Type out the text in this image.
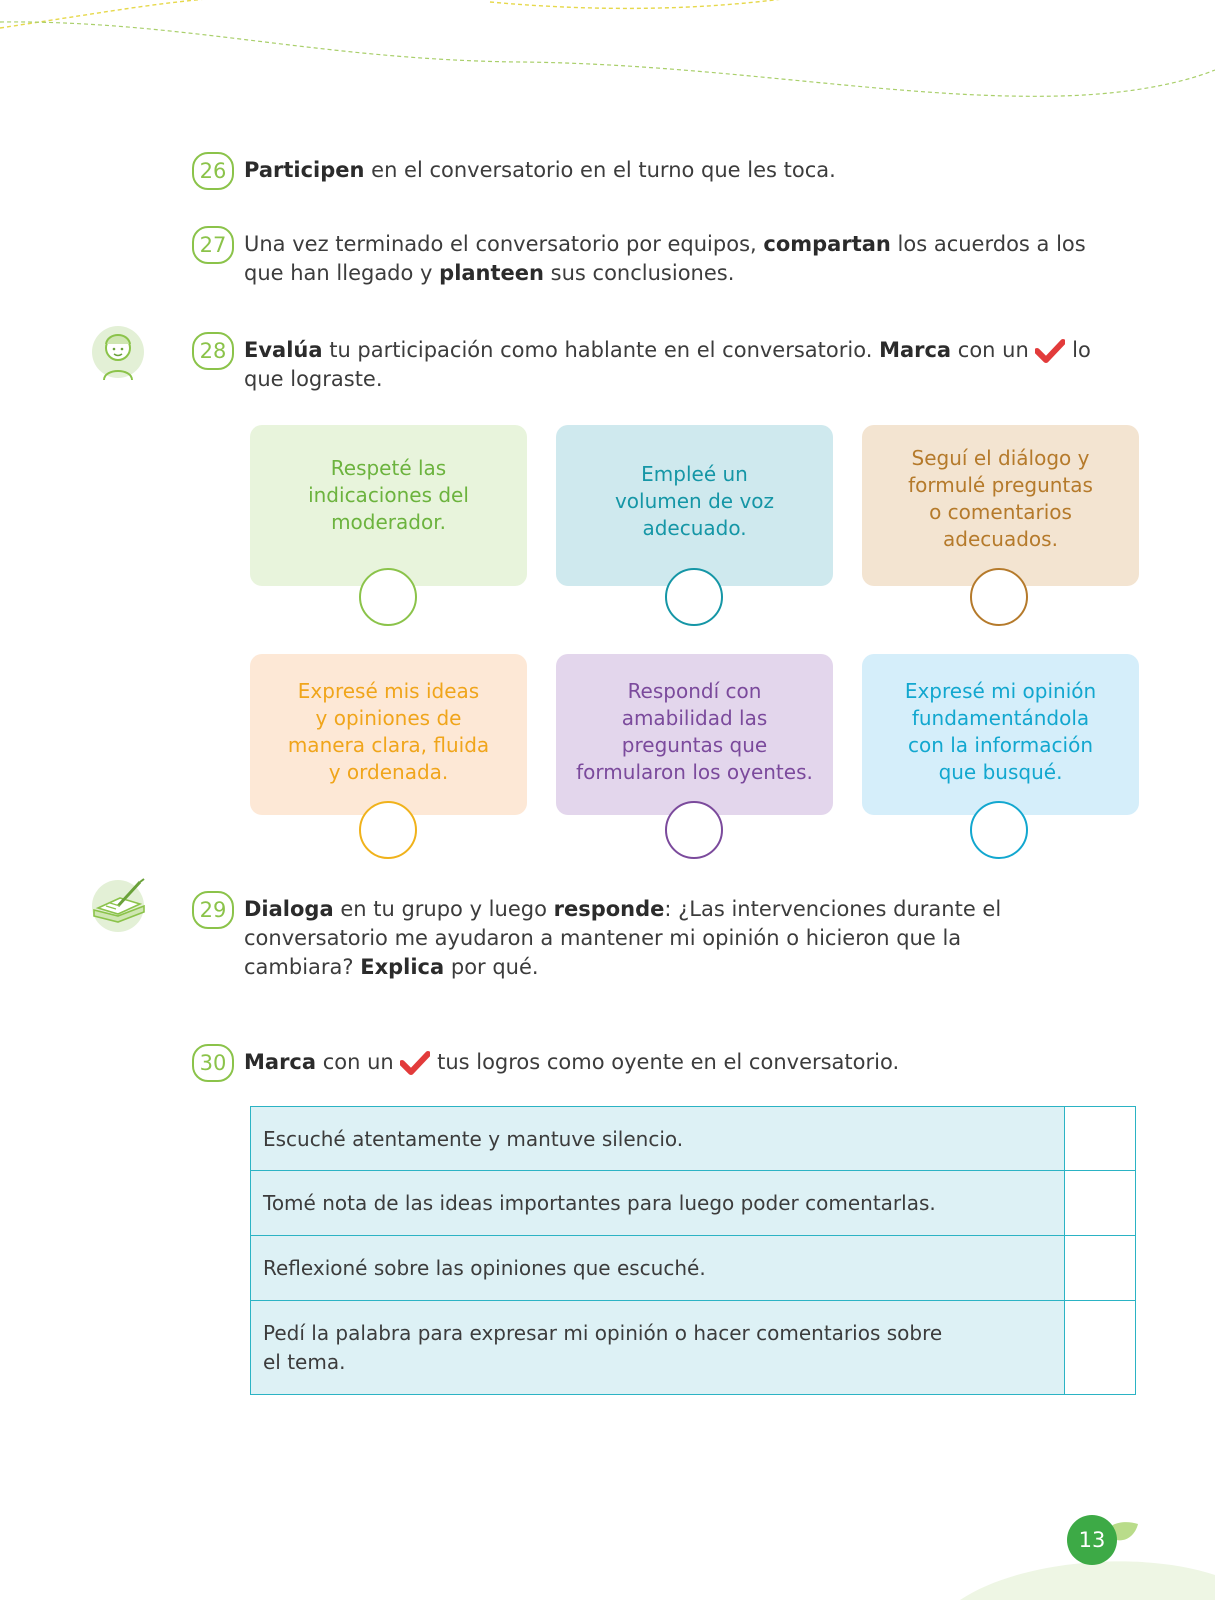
26 Participen en el conversatorio en el turno que les toca.
27 Una vez terminado el conversatorio por equipos, compartan los acuerdos a los que han llegado y planteen sus conclusiones.
28 Evalúa tu participación como hablante en el conversatorio. Marca con un  lo que lograste.
Respeté las
indicaciones del
moderador.
Empleé un
volumen de voz
adecuado.
Seguí el diálogo y
formulé preguntas
o comentarios
adecuados.
Expresé mis ideas
y opiniones de
manera clara, fluida
y ordenada.
Respondí con
amabilidad las
preguntas que
formularon los oyentes.
Expresé mi opinión
fundamentándola
con la información
que busqué.
29 Dialoga en tu grupo y luego responde: ¿Las intervenciones durante el conversatorio me ayudaron a mantener mi opinión o hicieron que la cambiara? Explica por qué.
30 Marca con un  tus logros como oyente en el conversatorio.
Escuché atentamente y mantuve silencio.	
Tomé nota de las ideas importantes para luego poder comentarlas.	
Reflexioné sobre las opiniones que escuché.	
Pedí la palabra para expresar mi opinión o hacer comentarios sobre el tema.	
13
